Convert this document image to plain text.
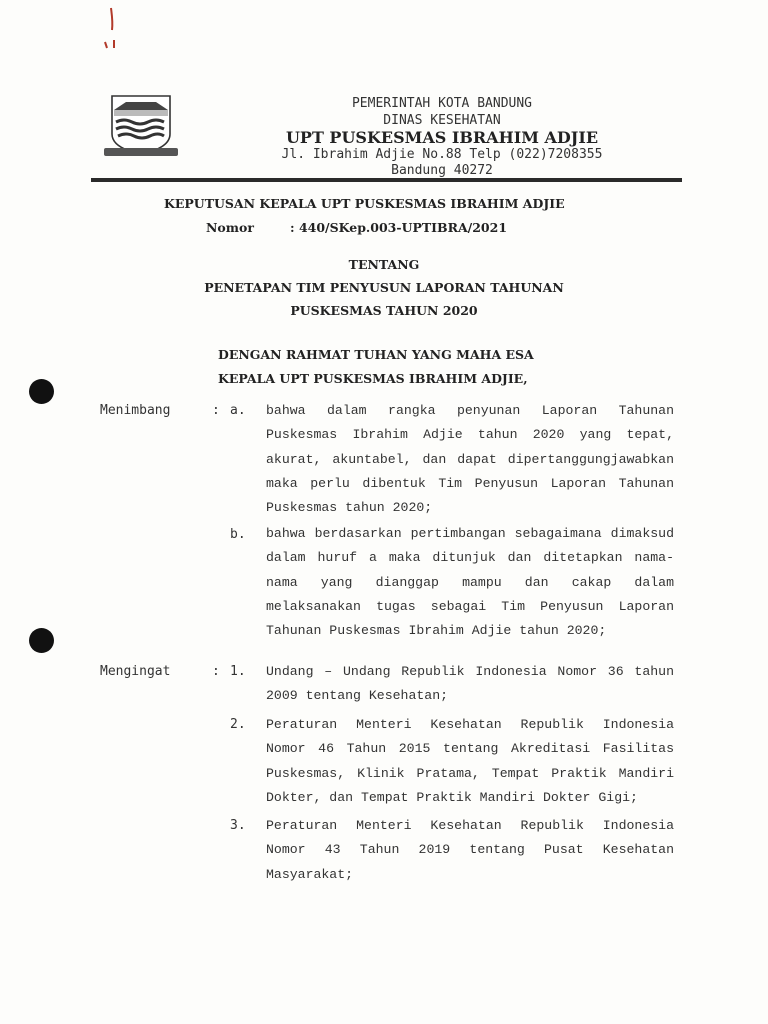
PEMERINTAH KOTA BANDUNG
DINAS KESEHATAN
UPT PUSKESMAS IBRAHIM ADJIE
Jl. Ibrahim Adjie No.88 Telp (022)7208355
Bandung 40272
KEPUTUSAN KEPALA UPT PUSKESMAS IBRAHIM ADJIE
Nomor	: 440/SKep.003-UPTIBRA/2021
TENTANG
PENETAPAN TIM PENYUSUN LAPORAN TAHUNAN
PUSKESMAS TAHUN 2020
DENGAN RAHMAT TUHAN YANG MAHA ESA
KEPALA UPT PUSKESMAS IBRAHIM ADJIE,
Menimbang	: a. bahwa dalam rangka penyunan Laporan Tahunan Puskesmas Ibrahim Adjie tahun 2020 yang tepat, akurat, akuntabel, dan dapat dipertanggungjawabkan maka perlu dibentuk Tim Penyusun Laporan Tahunan Puskesmas tahun 2020;
b. bahwa berdasarkan pertimbangan sebagaimana dimaksud dalam huruf a maka ditunjuk dan ditetapkan nama-nama yang dianggap mampu dan cakap dalam melaksanakan tugas sebagai Tim Penyusun Laporan Tahunan Puskesmas Ibrahim Adjie tahun 2020;
Mengingat	: 1. Undang – Undang Republik Indonesia Nomor 36 tahun 2009 tentang Kesehatan;
2. Peraturan Menteri Kesehatan Republik Indonesia Nomor 46 Tahun 2015 tentang Akreditasi Fasilitas Puskesmas, Klinik Pratama, Tempat Praktik Mandiri Dokter, dan Tempat Praktik Mandiri Dokter Gigi;
3. Peraturan Menteri Kesehatan Republik Indonesia Nomor 43 Tahun 2019 tentang Pusat Kesehatan Masyarakat;
